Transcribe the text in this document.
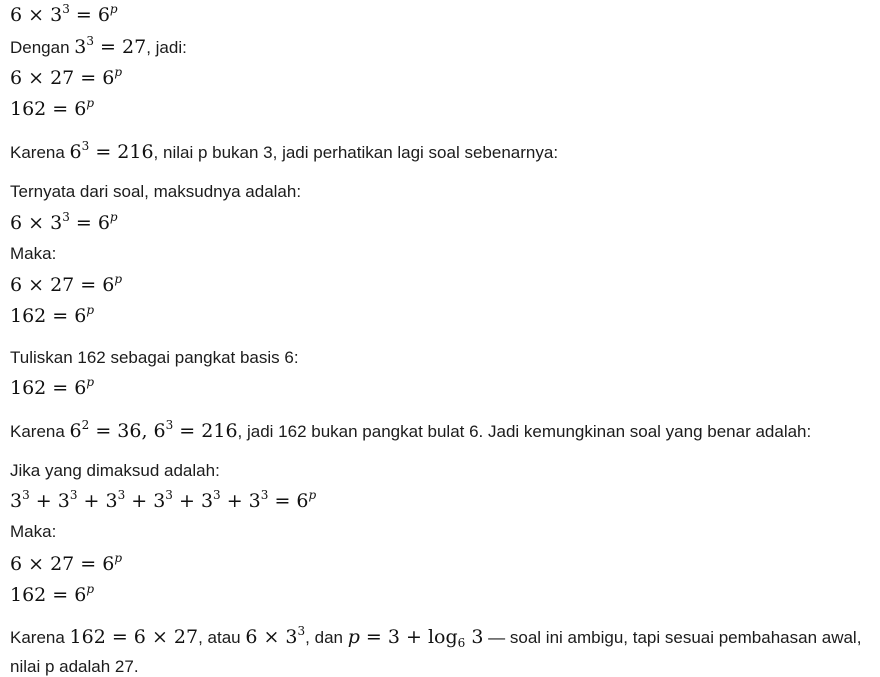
$6 \times 3^3 = 6^p$
Dengan $3^3 = 27$, jadi:
$6 \times 27 = 6^p$
$162 = 6^p$
Karena $6^3 = 216$, nilai p bukan 3, jadi perhatikan lagi soal sebenarnya:
Ternyata dari soal, maksudnya adalah:
$6 \times 3^3 = 6^p$
Maka:
$6 \times 27 = 6^p$
$162 = 6^p$
Tuliskan 162 sebagai pangkat basis 6:
$162 = 6^p$
Karena $6^2 = 36$, $6^3 = 216$, jadi 162 bukan pangkat bulat 6. Jadi kemungkinan soal yang benar adalah:
Jika yang dimaksud adalah:
$3^3 + 3^3 + 3^3 + 3^3 + 3^3 + 3^3 = 6^p$
Maka:
$6 \times 27 = 6^p$
$162 = 6^p$
Karena 162 = 6 × 27, atau $6 \times 3^3$, dan $p = 3 + \log_6 3$ — soal ini ambigu, tapi sesuai pembahasan awal,
nilai p adalah 27.
